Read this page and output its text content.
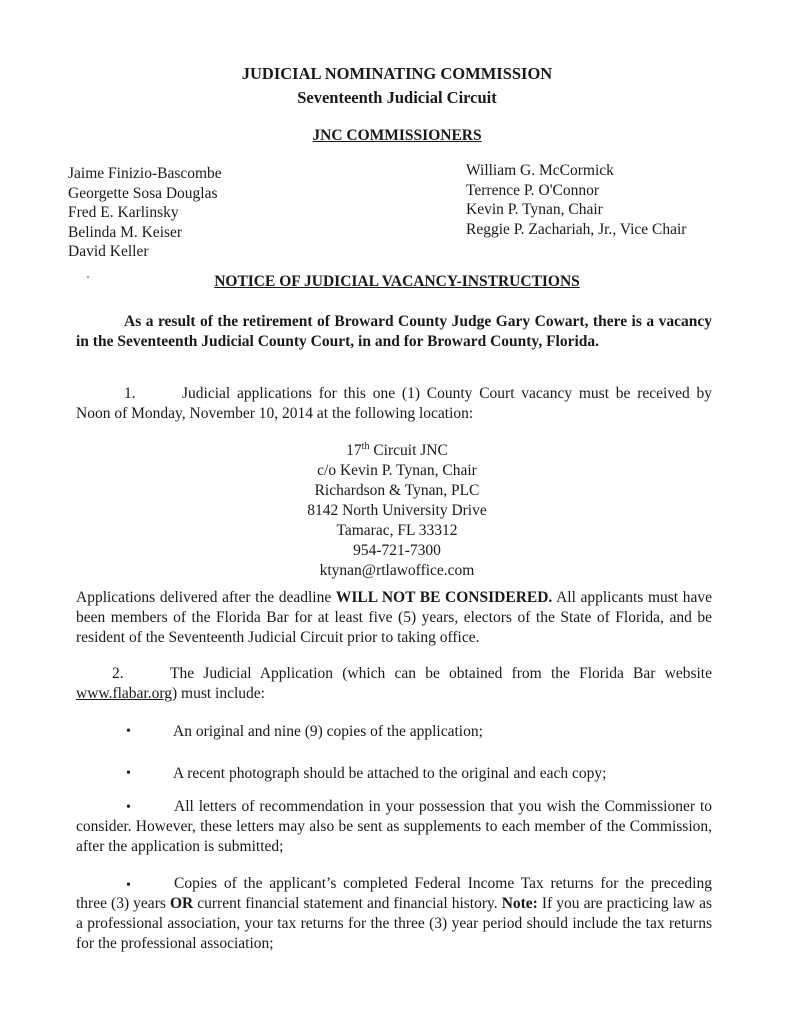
JUDICIAL NOMINATING COMMISSION
Seventeenth Judicial Circuit
JNC COMMISSIONERS
Jaime Finizio-Bascombe
Georgette Sosa Douglas
Fred E. Karlinsky
Belinda M. Keiser
David Keller
William G. McCormick
Terrence P. O'Connor
Kevin P. Tynan, Chair
Reggie P. Zachariah, Jr., Vice Chair
'	NOTICE OF JUDICIAL VACANCY-INSTRUCTIONS
As a result of the retirement of Broward County Judge Gary Cowart, there is a vacancy in the Seventeenth Judicial County Court, in and for Broward County, Florida.
1.	Judicial applications for this one (1) County Court vacancy must be received by Noon of Monday, November 10, 2014 at the following location:
17th Circuit JNC
c/o Kevin P. Tynan, Chair
Richardson & Tynan, PLC
8142 North University Drive
Tamarac, FL 33312
954-721-7300
ktynan@rtlawoffice.com
Applications delivered after the deadline WILL NOT BE CONSIDERED. All applicants must have been members of the Florida Bar for at least five (5) years, electors of the State of Florida, and be resident of the Seventeenth Judicial Circuit prior to taking office.
2.	The Judicial Application (which can be obtained from the Florida Bar website www.flabar.org) must include:
•	An original and nine (9) copies of the application;
•	A recent photograph should be attached to the original and each copy;
•	All letters of recommendation in your possession that you wish the Commissioner to consider. However, these letters may also be sent as supplements to each member of the Commission, after the application is submitted;
•	Copies of the applicant’s completed Federal Income Tax returns for the preceding three (3) years OR current financial statement and financial history. Note: If you are practicing law as a professional association, your tax returns for the three (3) year period should include the tax returns for the professional association;
